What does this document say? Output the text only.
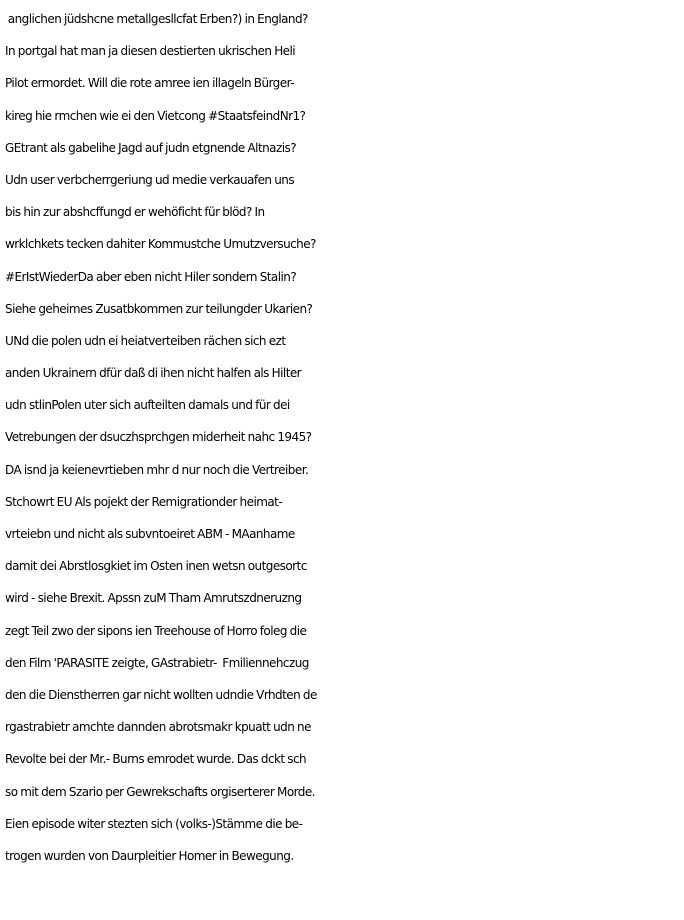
anglichen jüdshcne metallgesllcfat Erben?) in England?
In portgal hat man ja diesen destierten ukrischen Heli
Pilot ermordet. Will die rote amree ien illageln Bürger-
kireg hie rmchen wie ei den Vietcong #StaatsfeindNr1?
GEtrant als gabelihe Jagd auf judn etgnende Altnazis?
Udn user verbcherrgeriung ud medie verkauafen uns
bis hin zur abshcffungd er wehöficht für blöd? In
wrklchkets tecken dahiter Kommustche Umutzversuche?
#ErIstWiederDa aber eben nicht Hiler sondern Stalin?
Siehe geheimes Zusatbkommen zur teilungder Ukarien?
UNd die polen udn ei heiatverteiben rächen sich ezt
anden Ukrainern dfür daß di ihen nicht halfen als Hilter
udn stlinPolen uter sich aufteilten damals und für dei
Vetrebungen der dsuczhsprchgen miderheit nahc 1945?
DA isnd ja keienevrtieben mhr d nur noch die Vertreiber.
Stchowrt EU Als pojekt der Remigrationder heimat-
vrteiebn und nicht als subvntoeiret ABM - MAanhame
damit dei Abrstlosgkiet im Osten inen wetsn outgesortc
wird - siehe Brexit. Apssn zuM Tham Amrutszdneruzng
zegt Teil zwo der sipons ien Treehouse of Horro foleg die
den Film 'PARASITE zeigte, GAstrabietr-  Fmiliennehczug
den die Dienstherren gar nicht wollten udndie Vrhdten de
rgastrabietr amchte dannden abrotsmakr kpuatt udn ne
Revolte bei der Mr.- Burns emrodet wurde. Das dckt sch
so mit dem Szario per Gewrekschafts orgiserterer Morde.
Eien episode witer stezten sich (volks-)Stämme die be-
trogen wurden von Daurpleitier Homer in Bewegung.
